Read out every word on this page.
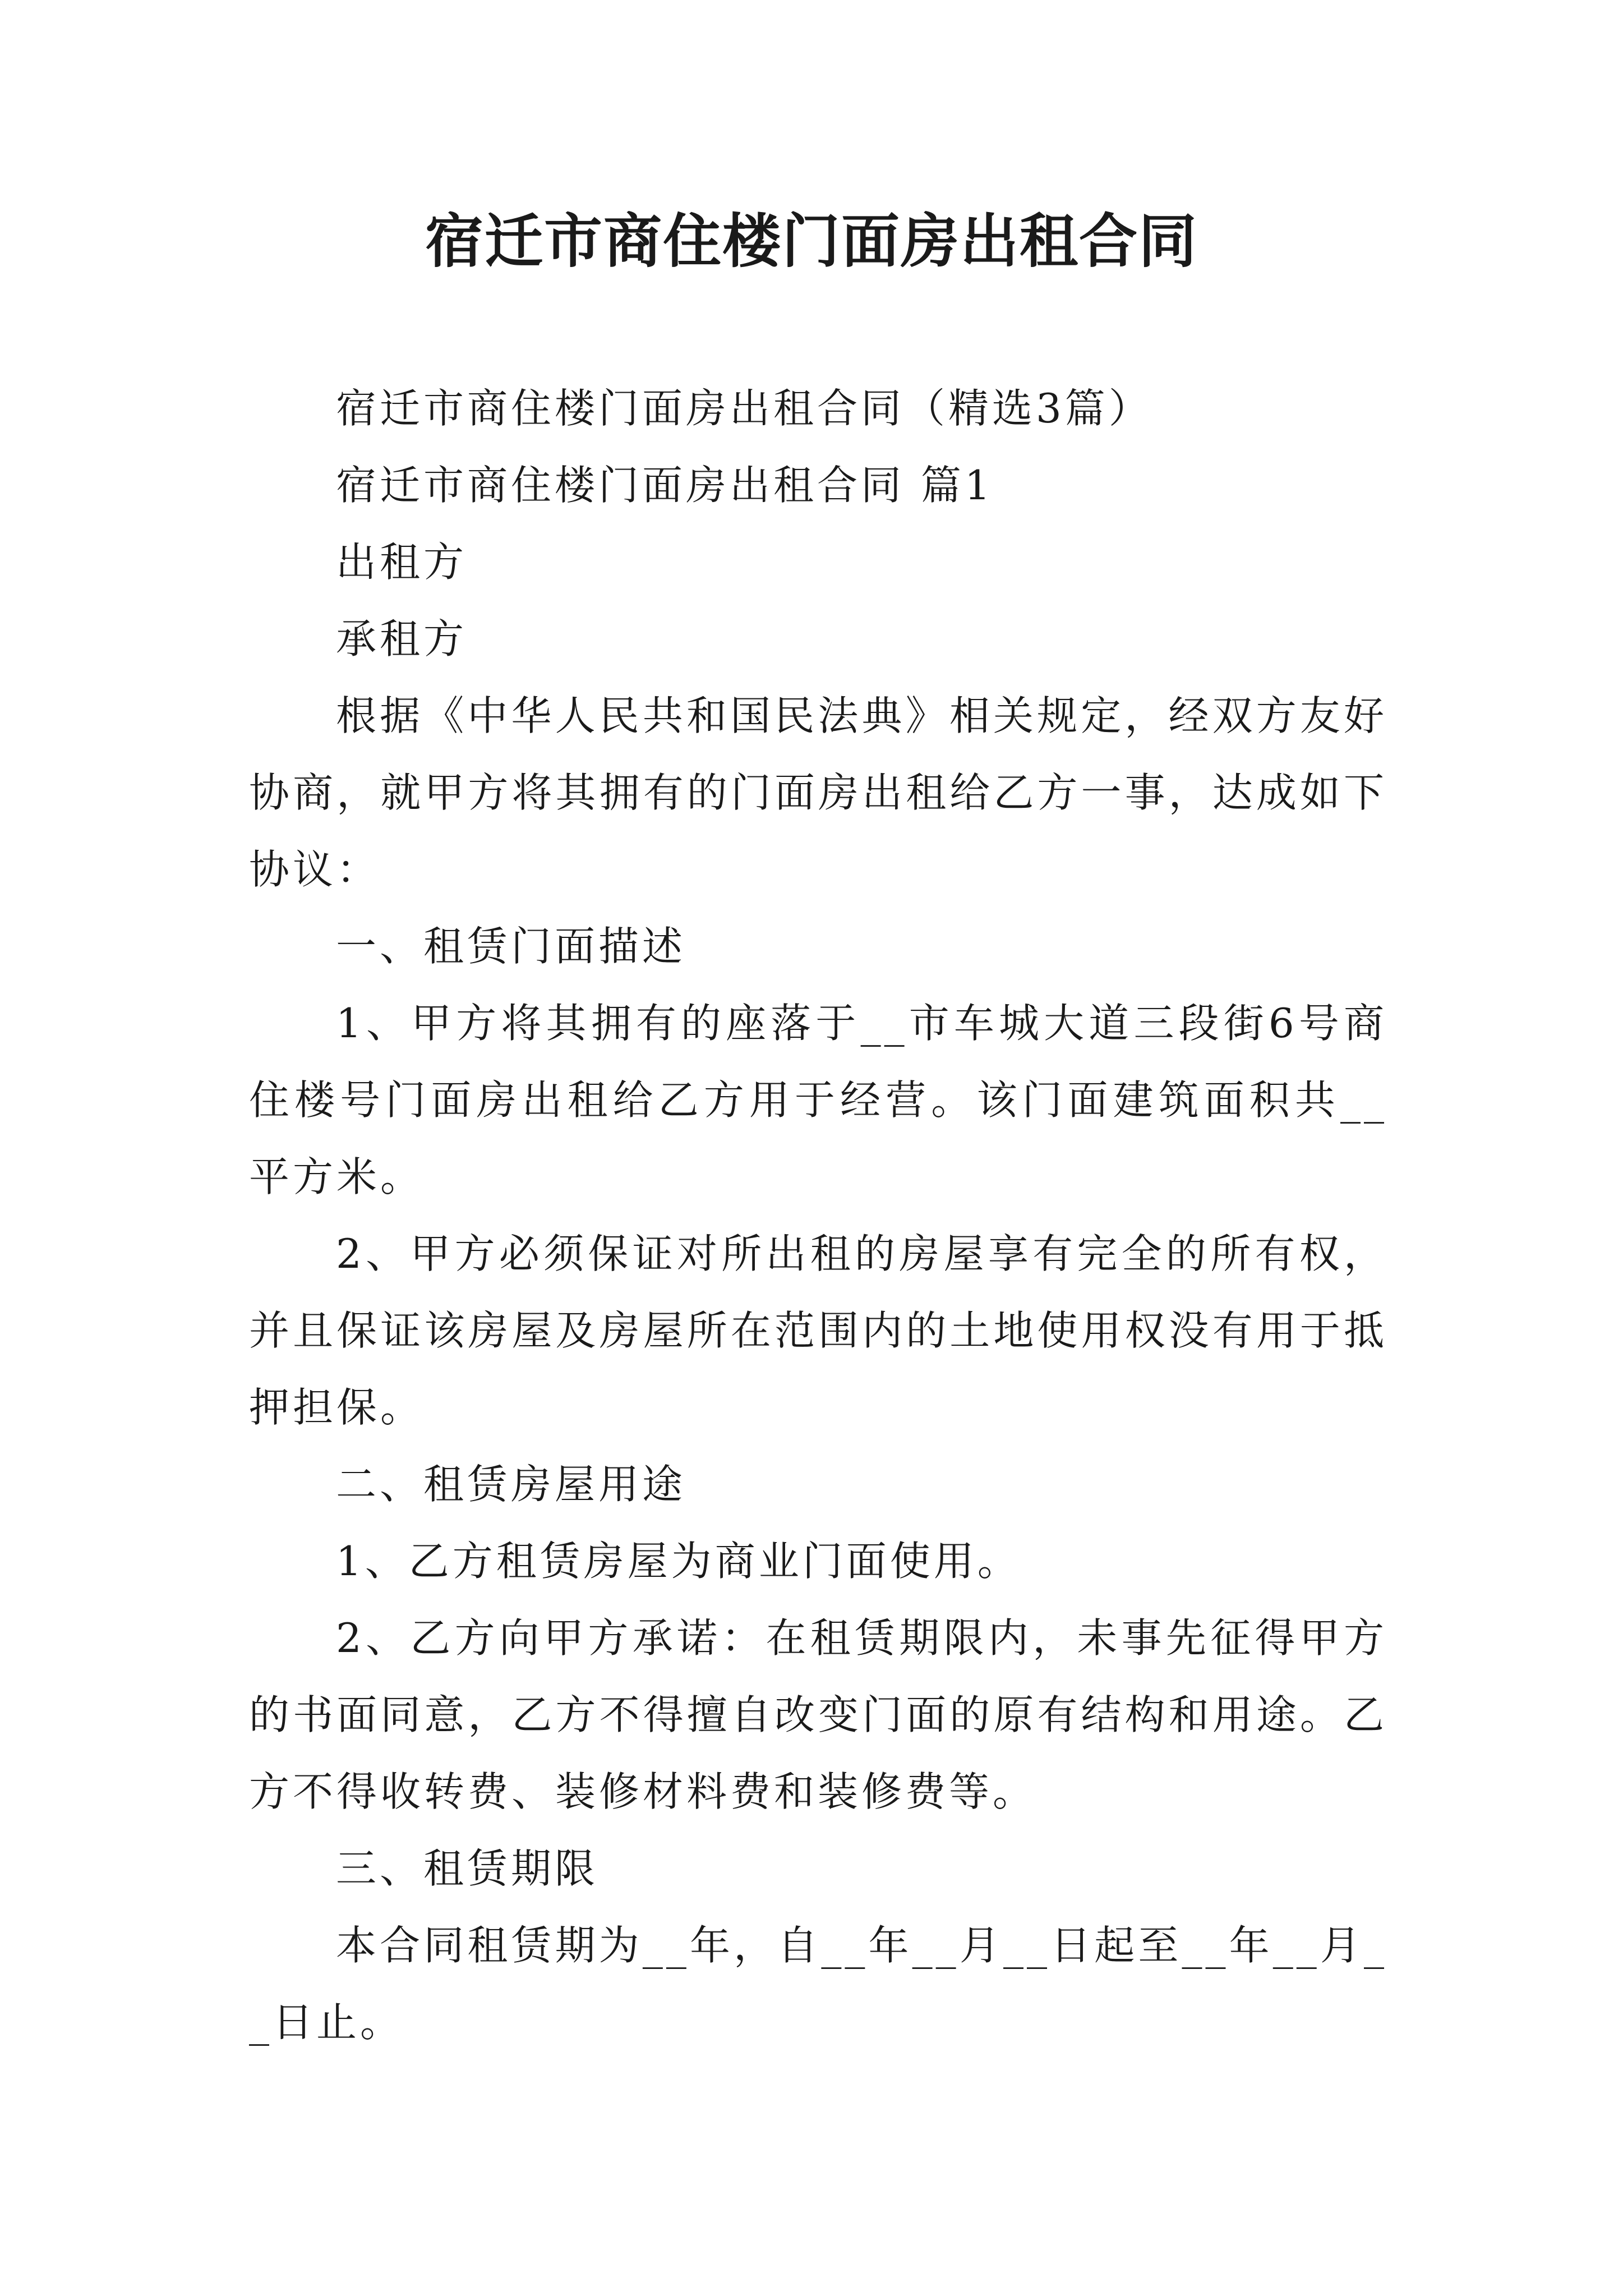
宿迁市商住楼门面房出租合同

宿迁市商住楼门面房出租合同（精选3篇）

宿迁市商住楼门面房出租合同 篇1

出租方

承租方

根据《中华人民共和国民法典》相关规定，经双方友好协商，就甲方将其拥有的门面房出租给乙方一事，达成如下协议：

一、租赁门面描述

1、甲方将其拥有的座落于__市车城大道三段街6号商住楼号门面房出租给乙方用于经营。该门面建筑面积共__平方米。

2、甲方必须保证对所出租的房屋享有完全的所有权，并且保证该房屋及房屋所在范围内的土地使用权没有用于抵押担保。

二、租赁房屋用途

1、乙方租赁房屋为商业门面使用。

2、乙方向甲方承诺：在租赁期限内，未事先征得甲方的书面同意，乙方不得擅自改变门面的原有结构和用途。乙方不得收转费、装修材料费和装修费等。

三、租赁期限

本合同租赁期为__年，自__年__月__日起至__年__月__日止。
